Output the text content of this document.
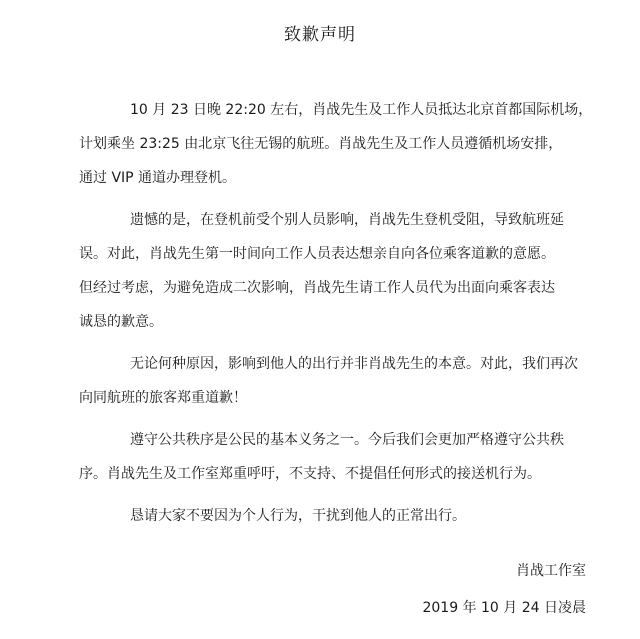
致歉声明
10 月 23 日晚 22:20 左右，肖战先生及工作人员抵达北京首都国际机场，
计划乘坐 23:25 由北京飞往无锡的航班。肖战先生及工作人员遵循机场安排，
通过 VIP 通道办理登机。
遗憾的是，在登机前受个别人员影响，肖战先生登机受阻，导致航班延
误。对此，肖战先生第一时间向工作人员表达想亲自向各位乘客道歉的意愿。
但经过考虑，为避免造成二次影响，肖战先生请工作人员代为出面向乘客表达
诚恳的歉意。
无论何种原因，影响到他人的出行并非肖战先生的本意。对此，我们再次
向同航班的旅客郑重道歉！
遵守公共秩序是公民的基本义务之一。今后我们会更加严格遵守公共秩
序。肖战先生及工作室郑重呼吁，不支持、不提倡任何形式的接送机行为。
恳请大家不要因为个人行为，干扰到他人的正常出行。
肖战工作室
2019 年 10 月 24 日凌晨
